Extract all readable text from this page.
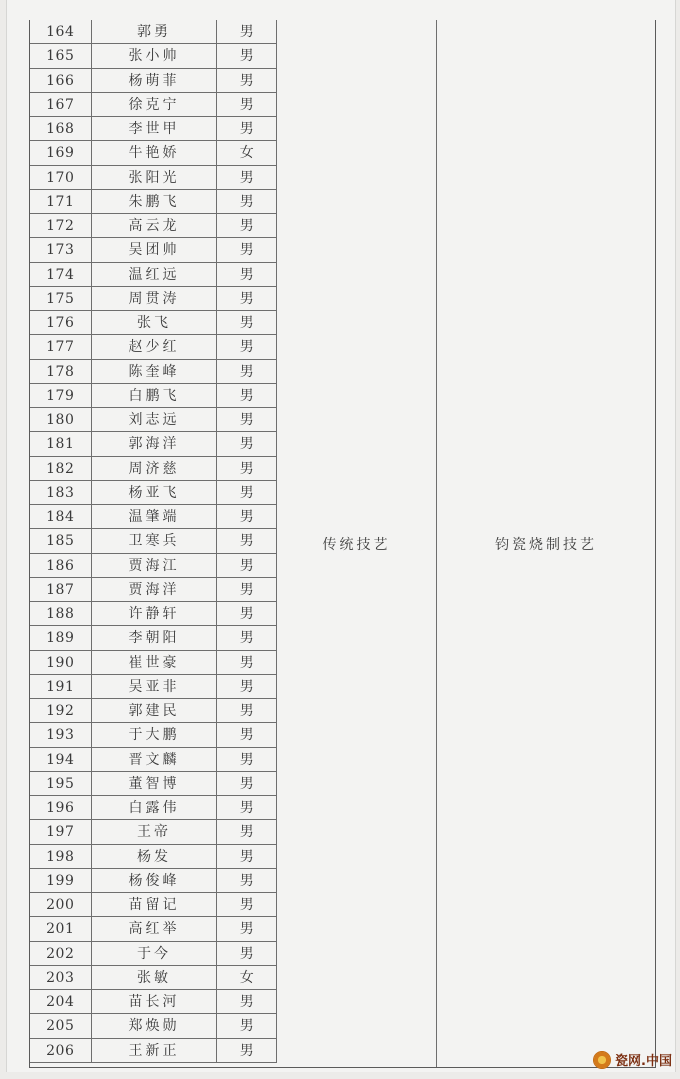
164	郭勇	男
165	张小帅	男
166	杨萌菲	男
167	徐克宁	男
168	李世甲	男
169	牛艳娇	女
170	张阳光	男
171	朱鹏飞	男
172	高云龙	男
173	吴团帅	男
174	温红远	男
175	周贯涛	男
176	张飞	男
177	赵少红	男
178	陈奎峰	男
179	白鹏飞	男
180	刘志远	男
181	郭海洋	男
182	周济慈	男
183	杨亚飞	男
184	温肇端	男
185	卫寒兵	男
186	贾海江	男
187	贾海洋	男
188	许静轩	男
189	李朝阳	男
190	崔世豪	男
191	吴亚非	男
192	郭建民	男
193	于大鹏	男
194	晋文麟	男
195	董智博	男
196	白露伟	男
197	王帝	男
198	杨发	男
199	杨俊峰	男
200	苗留记	男
201	高红举	男
202	于今	男
203	张敏	女
204	苗长河	男
205	郑焕勋	男
206	王新正	男
传统技艺	钧瓷烧制技艺
瓷网.中国
